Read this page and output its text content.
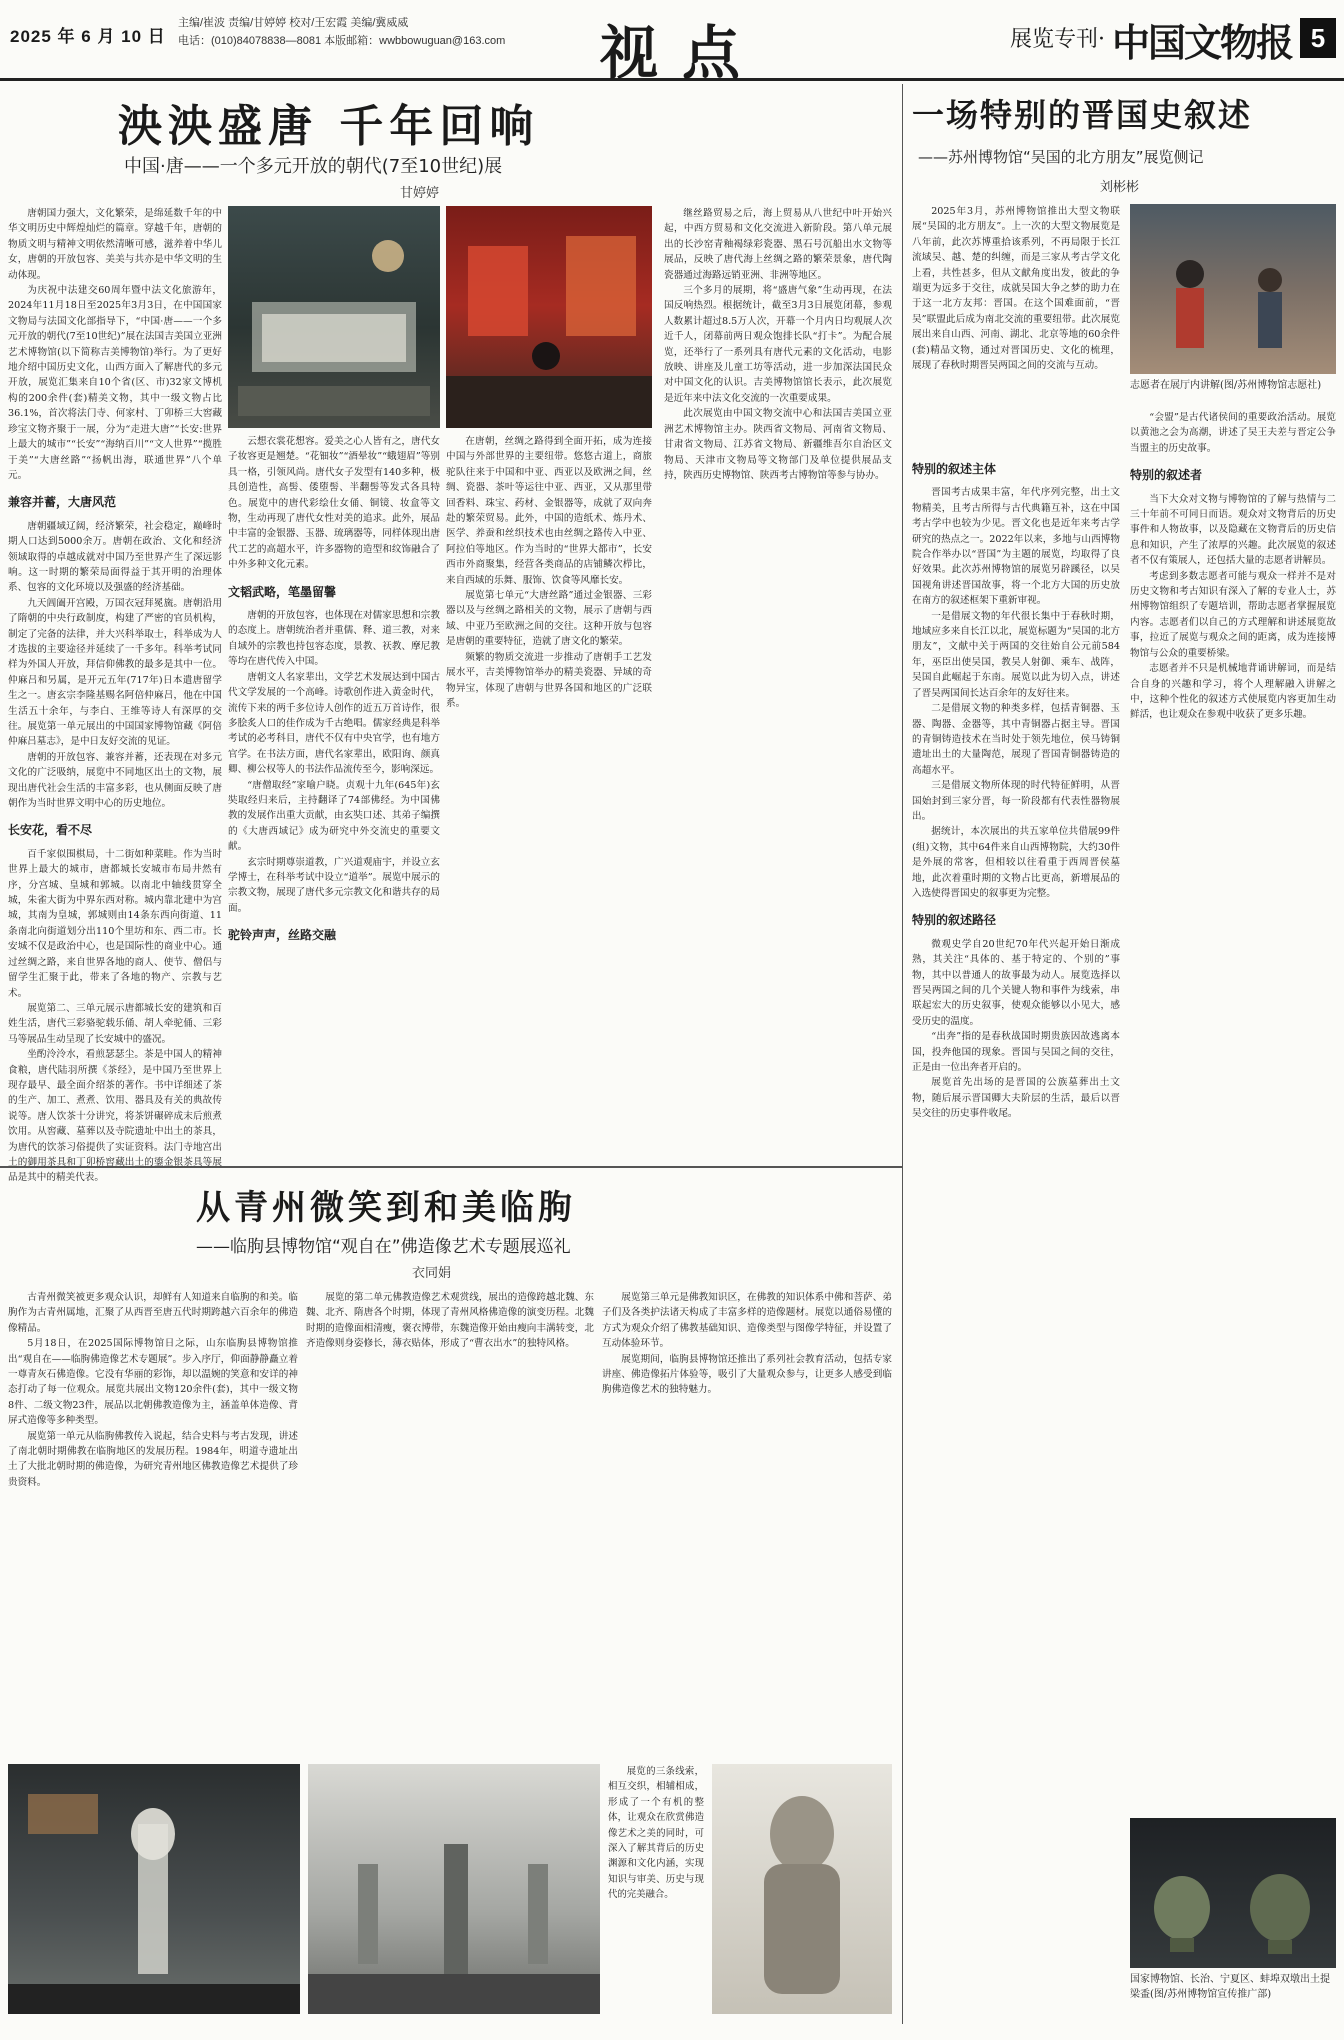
2025 年 6 月 10 日
主编/崔波 责编/甘婷婷 校对/王宏霞 美编/冀威威
电话：(010)84078838—8081 本版邮箱：wwbbowuguan@163.com	视点	展览专刊· 中国文物报 5
泱泱盛唐 千年回响
中国·唐——一个多元开放的朝代(7至10世纪)展
甘婷婷

唐朝国力强大，文化繁荣，是绵延数千年的中华文明历史中辉煌灿烂的篇章。穿越千年，唐朝的物质文明与精神文明依然清晰可感，滋养着中华儿女，唐朝的开放包容、美美与共亦是中华文明的生动体现。

为庆祝中法建交60周年暨中法文化旅游年，2024年11月18日至2025年3月3日，在中国国家文物局与法国文化部指导下，“中国·唐——一个多元开放的朝代(7至10世纪)”展在法国吉美国立亚洲艺术博物馆(以下简称吉美博物馆)举行。为了更好地介绍中国历史文化，山西方面入了解唐代的多元开放，展览汇集来自10个省(区、市)32家文博机构的200余件(套)精美文物，其中一级文物占比36.1%，首次将法门寺、何家村、丁卯桥三大窖藏珍宝文物齐聚于一展，分为“走进大唐”“长安:世界上最大的城市”“长安”“海纳百川”“文人世界”“揽胜于美”“大唐丝路”“扬帆出海，联通世界”八个单元。

兼容并蓄，大唐风范

唐朝疆域辽阔，经济繁荣，社会稳定，巅峰时期人口达到5000余万。唐朝在政治、文化和经济领域取得的卓越成就对中国乃至世界产生了深远影响。这一时期的繁荣局面得益于其开明的治理体系、包容的文化环境以及强盛的经济基础。

九天阊阖开宫殿，万国衣冠拜冕旒。唐朝沿用了隋朝的中央行政制度，构建了严密的官员机构，制定了完备的法律，并大兴科举取士，科举成为人才选拔的主要途径并延续了一千多年。科举考试同样为外国人开放，拜信仰佛教的最多是其中一位。仲麻吕和另属，是开元五年(717年)日本遣唐留学生之一。唐玄宗李隆基赐名阿倍仲麻吕，他在中国生活五十余年，与李白、王维等诗人有深厚的交往。展览第一单元展出的中国国家博物馆藏《阿倍仲麻吕墓志》，是中日友好交流的见证。

唐朝的开放包容、兼容并蓄，还表现在对多元文化的广泛吸纳，展览中不同地区出土的文物，展现出唐代社会生活的丰富多彩，也从侧面反映了唐朝作为当时世界文明中心的历史地位。

长安花，看不尽

百千家似围棋局，十二街如种菜畦。作为当时世界上最大的城市，唐都城长安城市布局井然有序，分宫城、皇城和郭城。以南北中轴线贯穿全城，朱雀大街为中界东西对称。城内靠北建中为宫城，其南为皇城，郭城则由14条东西向街道、11条南北向街道划分出110个里坊和东、西二市。长安城不仅是政治中心，也是国际性的商业中心。通过丝绸之路，来自世界各地的商人、使节、僧侣与留学生汇聚于此，带来了各地的物产、宗教与艺术。

展览第二、三单元展示唐都城长安的建筑和百姓生活，唐代三彩骆驼载乐俑、胡人牵驼俑、三彩马等展品生动呈现了长安城中的盛况。

坐酌泠泠水，看煎瑟瑟尘。茶是中国人的精神食粮，唐代陆羽所撰《茶经》，是中国乃至世界上现存最早、最全面介绍茶的著作。书中详细述了茶的生产、加工、煮煮、饮用、器具及有关的典故传说等。唐人饮茶十分讲究，将茶饼碾碎成末后煎煮饮用。从窖藏、墓葬以及寺院遗址中出土的茶具，为唐代的饮茶习俗提供了实证资料。法门寺地宫出土的御用茶具和丁卯桥窖藏出土的鎏金银茶具等展品是其中的精美代表。

云想衣裳花想容。爱美之心人皆有之，唐代女子妆容更是翘楚。“花钿妆”“酒晕妆”“蛾翅眉”等别具一格，引领风尚。唐代女子发型有140多种，极具创造性，高髻、倭堕髻、半翻髻等发式各具特色。展览中的唐代彩绘仕女俑、铜镜、妆盒等文物，生动再现了唐代女性对美的追求。此外，展品中丰富的金银器、玉器、琉璃器等，同样体现出唐代工艺的高超水平，许多器物的造型和纹饰融合了中外多种文化元素。

文韬武略，笔墨留馨

唐朝的开放包容，也体现在对儒家思想和宗教的态度上。唐朝统治者并重儒、释、道三教，对来自域外的宗教也持包容态度，景教、祆教、摩尼教等均在唐代传入中国。

唐朝文人名家辈出，文学艺术发展达到中国古代文学发展的一个高峰。诗歌创作进入黄金时代，流传下来的两千多位诗人创作的近五万首诗作，很多脍炙人口的佳作成为千古绝唱。儒家经典是科举考试的必考科目，唐代不仅有中央官学，也有地方官学。在书法方面，唐代名家辈出，欧阳询、颜真卿、柳公权等人的书法作品流传至今，影响深远。

“唐僧取经”家喻户晓。贞观十九年(645年)玄奘取经归来后，主持翻译了74部佛经。为中国佛教的发展作出重大贡献，由玄奘口述、其弟子编撰的《大唐西域记》成为研究中外交流史的重要文献。

玄宗时期尊崇道教，广兴道观庙宇，并设立玄学博士，在科举考试中设立“道举”。展览中展示的宗教文物，展现了唐代多元宗教文化和谐共存的局面。

驼铃声声，丝路交融

在唐朝，丝绸之路得到全面开拓，成为连接中国与外部世界的主要纽带。悠悠古道上，商旅驼队往来于中国和中亚、西亚以及欧洲之间，丝绸、瓷器、茶叶等运往中亚、西亚，又从那里带回香料、珠宝、药材、金银器等，成就了双向奔赴的繁荣贸易。此外，中国的造纸术、炼丹术、医学、养蚕和丝织技术也由丝绸之路传入中亚、阿拉伯等地区。作为当时的“世界大都市”，长安西市外商聚集，经营各类商品的店铺鳞次栉比，来自西域的乐舞、服饰、饮食等风靡长安。

展览第七单元“大唐丝路”通过金银器、三彩器以及与丝绸之路相关的文物，展示了唐朝与西域、中亚乃至欧洲之间的交往。这种开放与包容是唐朝的重要特征，造就了唐文化的繁荣。

频繁的物质交流进一步推动了唐朝手工艺发展水平，吉美博物馆举办的精美瓷器、异域的奇物异宝，体现了唐朝与世界各国和地区的广泛联系。

继丝路贸易之后，海上贸易从八世纪中叶开始兴起，中西方贸易和文化交流进入新阶段。第八单元展出的长沙窑青釉褐绿彩瓷器、黑石号沉船出水文物等展品，反映了唐代海上丝绸之路的繁荣景象，唐代陶瓷器通过海路远销亚洲、非洲等地区。

三个多月的展期，将“盛唐气象”生动再现，在法国反响热烈。根据统计，截至3月3日展览闭幕，参观人数累计超过8.5万人次，开幕一个月内日均观展人次近千人，闭幕前两日观众饱排长队“打卡”。为配合展览，还举行了一系列具有唐代元素的文化活动，电影放映、讲座及儿童工坊等活动，进一步加深法国民众对中国文化的认识。吉美博物馆馆长表示，此次展览是近年来中法文化交流的一次重要成果。

此次展览由中国文物交流中心和法国吉美国立亚洲艺术博物馆主办。陕西省文物局、河南省文物局、甘肃省文物局、江苏省文物局、新疆维吾尔自治区文物局、天津市文物局等文物部门及单位提供展品支持，陕西历史博物馆、陕西考古博物馆等参与协办。

从青州微笑到和美临朐
——临朐县博物馆“观自在”佛造像艺术专题展巡礼
衣同娟

古青州微笑被更多观众认识，却鲜有人知道来自临朐的和美。临朐作为古青州属地，汇聚了从西晋至唐五代时期跨越六百余年的佛造像精品。

5月18日，在2025国际博物馆日之际，山东临朐县博物馆推出“观自在——临朐佛造像艺术专题展”。步入序厅，仰面静静矗立着一尊青灰石佛造像。它没有华丽的彩饰，却以温婉的笑意和安详的神态打动了每一位观众。展览共展出文物120余件(套)，其中一级文物8件、二级文物23件，展品以北朝佛教造像为主，涵盖单体造像、背屏式造像等多种类型。

展览第一单元从临朐佛教传入说起，结合史料与考古发现，讲述了南北朝时期佛教在临朐地区的发展历程。1984年，明道寺遗址出土了大批北朝时期的佛造像，为研究青州地区佛教造像艺术提供了珍贵资料。

展览的第二单元佛教造像艺术观赏线，展出的造像跨越北魏、东魏、北齐、隋唐各个时期，体现了青州风格佛造像的演变历程。北魏时期的造像面相清瘦，褒衣博带，东魏造像开始由瘦向丰满转变，北齐造像则身姿修长，薄衣贴体，形成了“曹衣出水”的独特风格。

展览第三单元是佛教知识区，在佛教的知识体系中佛和菩萨、弟子们及各类护法诸天构成了丰富多样的造像题材。展览以通俗易懂的方式为观众介绍了佛教基础知识、造像类型与图像学特征，并设置了互动体验环节。

展览期间，临朐县博物馆还推出了系列社会教育活动，包括专家讲座、佛造像拓片体验等，吸引了大量观众参与，让更多人感受到临朐佛造像艺术的独特魅力。

展览的三条线索，相互交织，相辅相成，形成了一个有机的整体，让观众在欣赏佛造像艺术之美的同时，可深入了解其背后的历史渊源和文化内涵，实现知识与审美、历史与现代的完美融合。

一场特别的晋国史叙述
——苏州博物馆“吴国的北方朋友”展览侧记
刘彬彬

2025年3月，苏州博物馆推出大型文物联展“吴国的北方朋友”。上一次的大型文物展览是八年前，此次苏博重拾该系列，不再局限于长江流域吴、越、楚的纠缠，而是三家从考古学文化上看，共性甚多，但从文献角度出发，彼此的争端更为远多于交往，成就吴国大争之梦的助力在于这一北方友邦：晋国。在这个国难面前，“晋吴”联盟此后成为南北交流的重要纽带。此次展览展出来自山西、河南、湖北、北京等地的60余件(套)精品文物，通过对晋国历史、文化的梳理，展现了春秋时期晋吴两国之间的交流与互动。

志愿者在展厅内讲解(图/苏州博物馆志愿社)
特别的叙述主体

晋国考古成果丰富，年代序列完整，出土文物精美，且考古所得与古代典籍互补，这在中国考古学中也较为少见。晋文化也是近年来考古学研究的热点之一。2022年以来，多地与山西博物院合作举办以“晋国”为主题的展览，均取得了良好效果。此次苏州博物馆的展览另辟蹊径，以吴国视角讲述晋国故事，将一个北方大国的历史放在南方的叙述框架下重新审视。

一是借展文物的年代很长集中于春秋时期，地域应多来自长江以北，展览标题为“吴国的北方朋友”，文献中关于两国的交往始自公元前584年，巫臣出使吴国，教吴人射御、乘车、战阵，吴国自此崛起于东南。展览以此为切入点，讲述了晋吴两国间长达百余年的友好往来。

二是借展文物的种类多样，包括青铜器、玉器、陶器、金器等，其中青铜器占据主导。晋国的青铜铸造技术在当时处于领先地位，侯马铸铜遗址出土的大量陶范，展现了晋国青铜器铸造的高超水平。

三是借展文物所体现的时代特征鲜明，从晋国始封到三家分晋，每一阶段都有代表性器物展出。

据统计，本次展出的共五家单位共借展99件(组)文物，其中64件来自山西博物院，大约30件是外展的常客，但相较以往看重于西周晋侯墓地，此次着重时期的文物占比更高，新增展品的入选使得晋国史的叙事更为完整。

特别的叙述路径

微观史学自20世纪70年代兴起开始日渐成熟，其关注“具体的、基于特定的、个别的”事物，其中以普通人的故事最为动人。展览选择以晋吴两国之间的几个关键人物和事件为线索，串联起宏大的历史叙事，使观众能够以小见大，感受历史的温度。

“出奔”指的是春秋战国时期贵族因故逃离本国，投奔他国的现象。晋国与吴国之间的交往，正是由一位出奔者开启的。

展览首先出场的是晋国的公族墓葬出土文物，随后展示晋国卿大夫阶层的生活，最后以晋吴交往的历史事件收尾。

“会盟”是古代诸侯间的重要政治活动。展览以黄池之会为高潮，讲述了吴王夫差与晋定公争当盟主的历史故事。

特别的叙述者

当下大众对文物与博物馆的了解与热情与二三十年前不可同日而语。观众对文物背后的历史事件和人物故事，以及隐藏在文物背后的历史信息和知识，产生了浓厚的兴趣。此次展览的叙述者不仅有策展人，还包括大量的志愿者讲解员。

考虑到多数志愿者可能与观众一样并不是对历史文物和考古知识有深入了解的专业人士，苏州博物馆组织了专题培训，帮助志愿者掌握展览内容。志愿者们以自己的方式理解和讲述展览故事，拉近了展览与观众之间的距离，成为连接博物馆与公众的重要桥梁。

志愿者并不只是机械地背诵讲解词，而是结合自身的兴趣和学习，将个人理解融入讲解之中，这种个性化的叙述方式使展览内容更加生动鲜活，也让观众在参观中收获了更多乐趣。

国家博物馆、长治、宁夏区、蚌埠双墩出土提梁盉(图/苏州博物馆宣传推广部)
